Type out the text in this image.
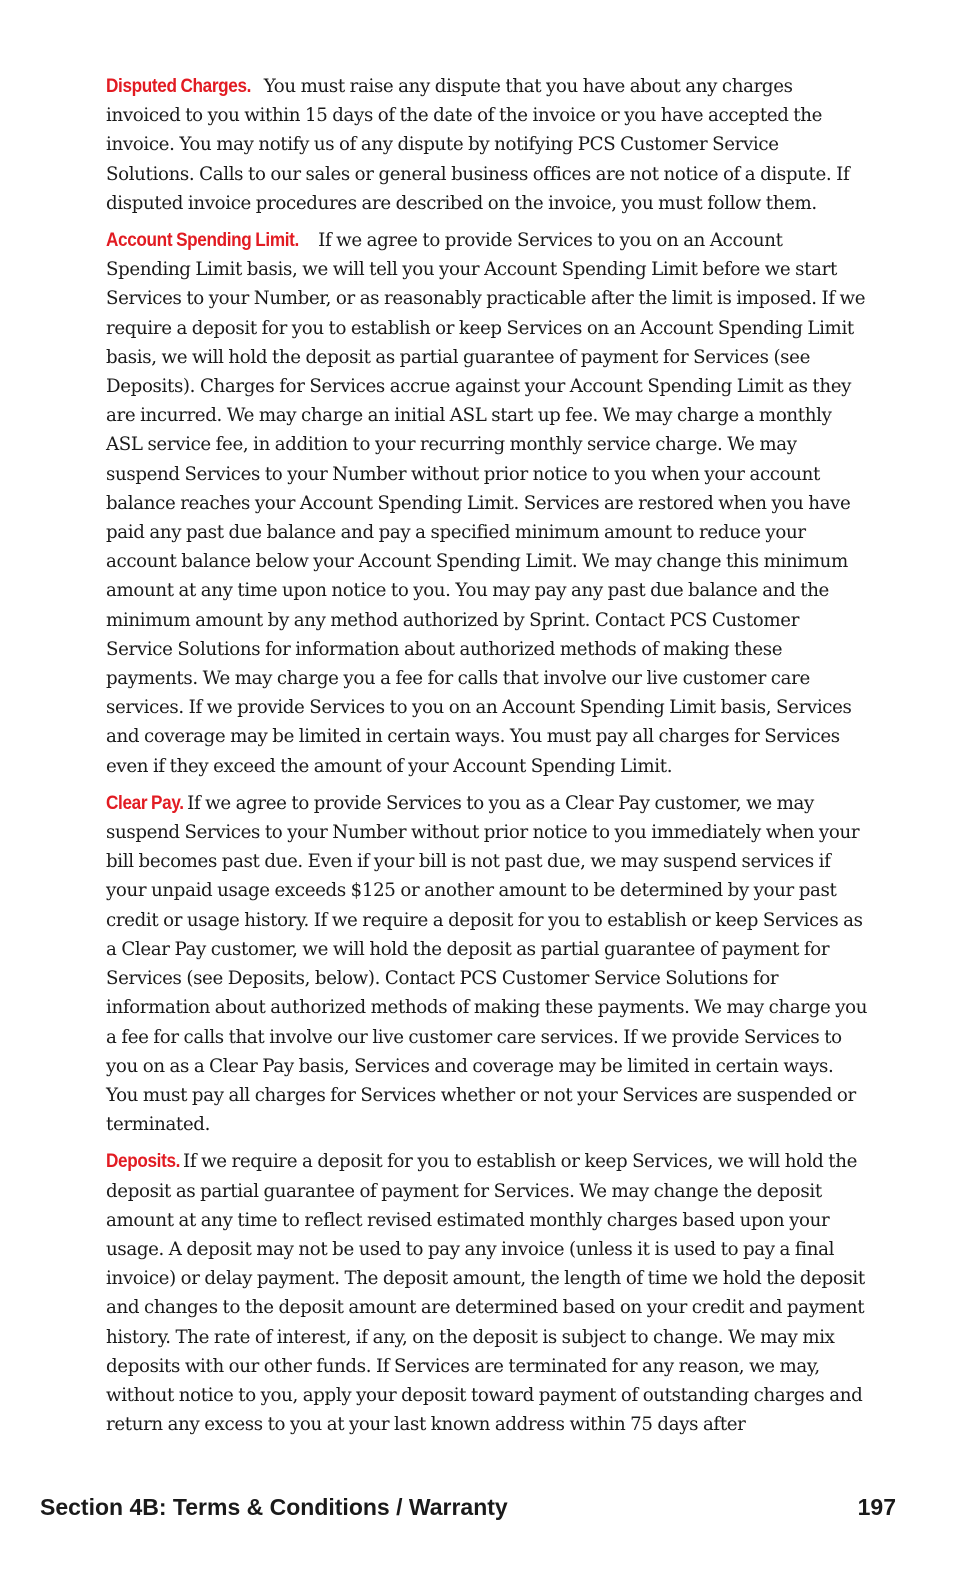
Disputed Charges. You must raise any dispute that you have about any charges invoiced to you within 15 days of the date of the invoice or you have accepted the invoice. You may notify us of any dispute by notifying PCS Customer Service Solutions. Calls to our sales or general business offices are not notice of a dispute. If disputed invoice procedures are described on the invoice, you must follow them.

Account Spending Limit. If we agree to provide Services to you on an Account Spending Limit basis, we will tell you your Account Spending Limit before we start Services to your Number, or as reasonably practicable after the limit is imposed. If we require a deposit for you to establish or keep Services on an Account Spending Limit basis, we will hold the deposit as partial guarantee of payment for Services (see Deposits). Charges for Services accrue against your Account Spending Limit as they are incurred. We may charge an initial ASL start up fee. We may charge a monthly ASL service fee, in addition to your recurring monthly service charge. We may suspend Services to your Number without prior notice to you when your account balance reaches your Account Spending Limit. Services are restored when you have paid any past due balance and pay a specified minimum amount to reduce your account balance below your Account Spending Limit. We may change this minimum amount at any time upon notice to you. You may pay any past due balance and the minimum amount by any method authorized by Sprint. Contact PCS Customer Service Solutions for information about authorized methods of making these payments. We may charge you a fee for calls that involve our live customer care services. If we provide Services to you on an Account Spending Limit basis, Services and coverage may be limited in certain ways. You must pay all charges for Services even if they exceed the amount of your Account Spending Limit.

Clear Pay. If we agree to provide Services to you as a Clear Pay customer, we may suspend Services to your Number without prior notice to you immediately when your bill becomes past due. Even if your bill is not past due, we may suspend services if your unpaid usage exceeds $125 or another amount to be determined by your past credit or usage history. If we require a deposit for you to establish or keep Services as a Clear Pay customer, we will hold the deposit as partial guarantee of payment for Services (see Deposits, below). Contact PCS Customer Service Solutions for information about authorized methods of making these payments. We may charge you a fee for calls that involve our live customer care services. If we provide Services to you on as a Clear Pay basis, Services and coverage may be limited in certain ways. You must pay all charges for Services whether or not your Services are suspended or terminated.

Deposits. If we require a deposit for you to establish or keep Services, we will hold the deposit as partial guarantee of payment for Services. We may change the deposit amount at any time to reflect revised estimated monthly charges based upon your usage. A deposit may not be used to pay any invoice (unless it is used to pay a final invoice) or delay payment. The deposit amount, the length of time we hold the deposit and changes to the deposit amount are determined based on your credit and payment history. The rate of interest, if any, on the deposit is subject to change. We may mix deposits with our other funds. If Services are terminated for any reason, we may, without notice to you, apply your deposit toward payment of outstanding charges and return any excess to you at your last known address within 75 days after

Section 4B: Terms & Conditions / Warranty	197
